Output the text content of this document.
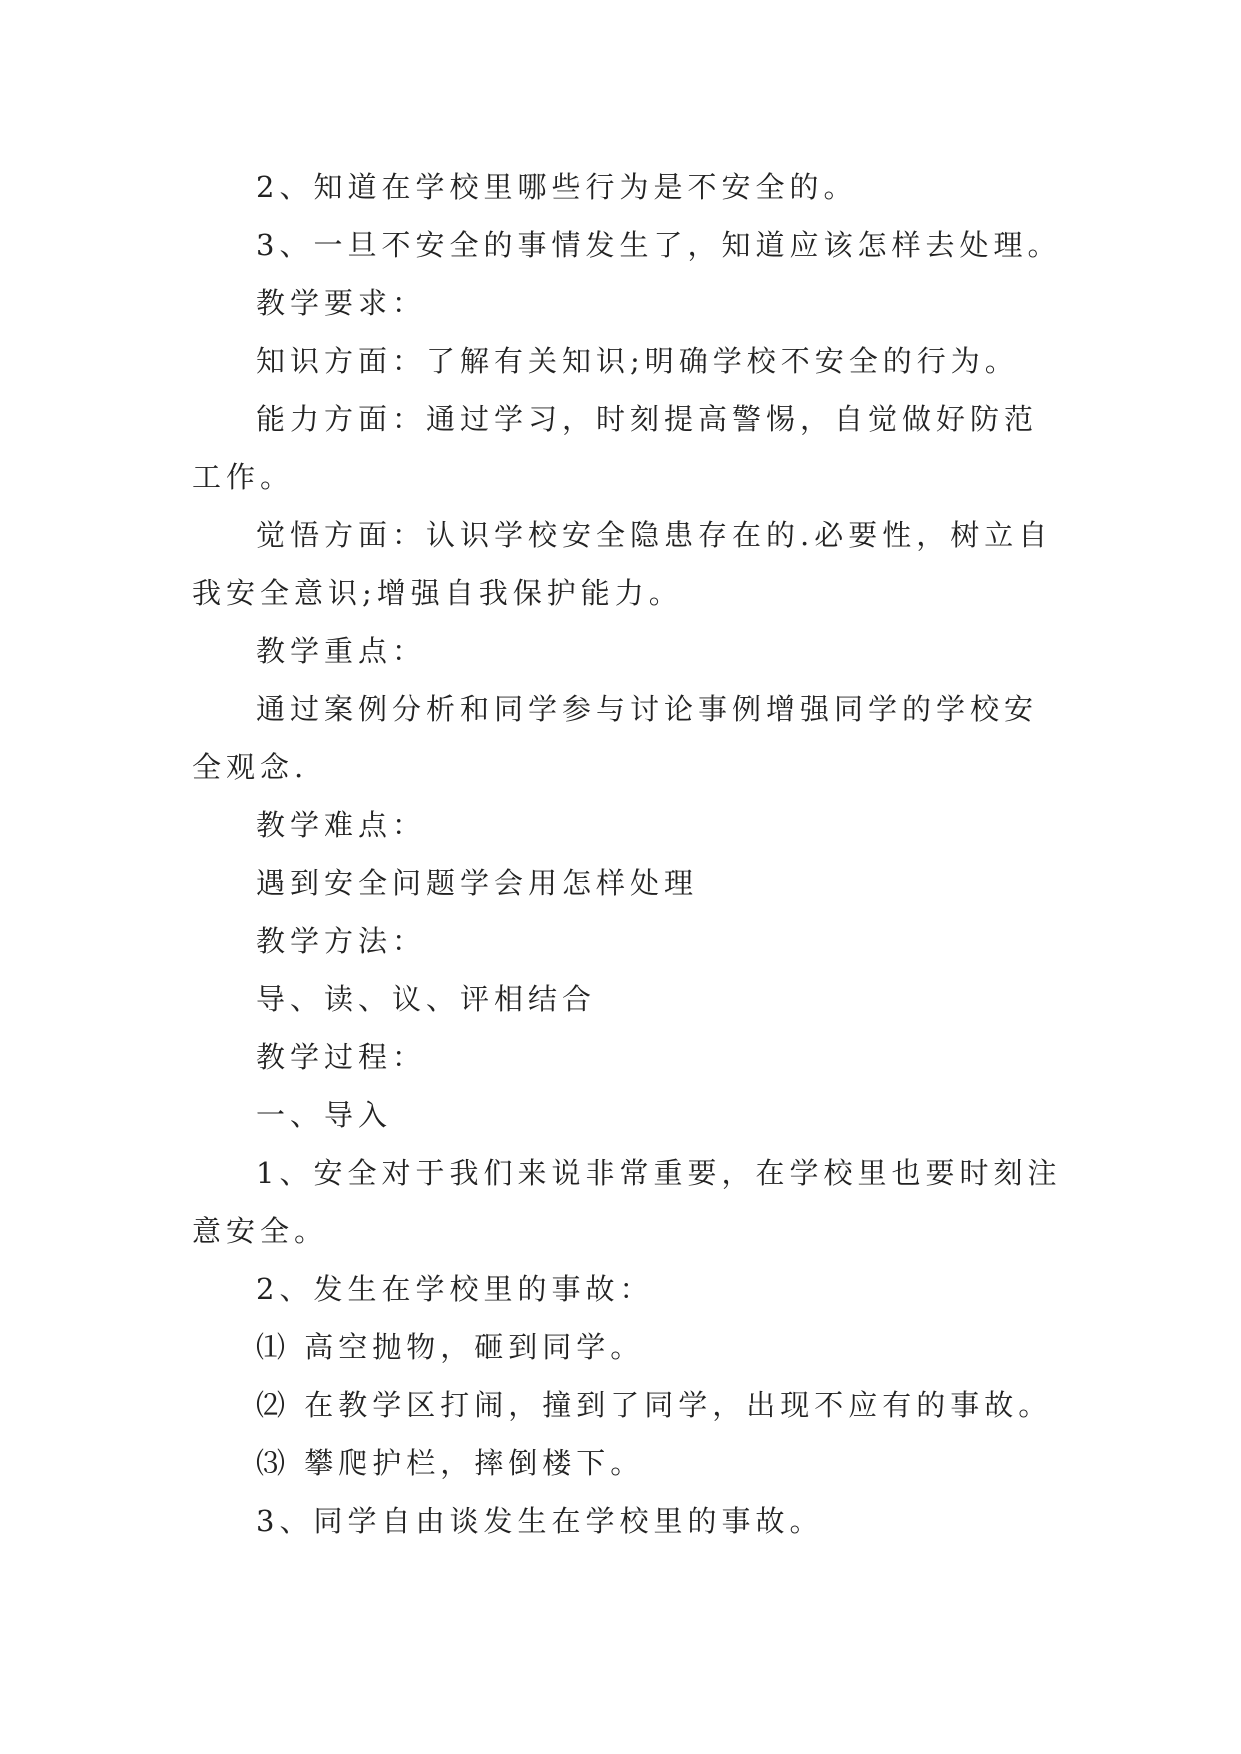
2、知道在学校里哪些行为是不安全的。

3、一旦不安全的事情发生了，知道应该怎样去处理。

教学要求：

知识方面：了解有关知识;明确学校不安全的行为。

能力方面：通过学习，时刻提高警惕，自觉做好防范工作。

觉悟方面：认识学校安全隐患存在的.必要性，树立自我安全意识;增强自我保护能力。

教学重点：

通过案例分析和同学参与讨论事例增强同学的学校安全观念.

教学难点：

遇到安全问题学会用怎样处理

教学方法：

导、读、议、评相结合

教学过程：

一、导入

1、安全对于我们来说非常重要，在学校里也要时刻注意安全。

2、发生在学校里的事故：

⑴ 高空抛物，砸到同学。

⑵ 在教学区打闹，撞到了同学，出现不应有的事故。

⑶ 攀爬护栏，摔倒楼下。

3、同学自由谈发生在学校里的事故。
